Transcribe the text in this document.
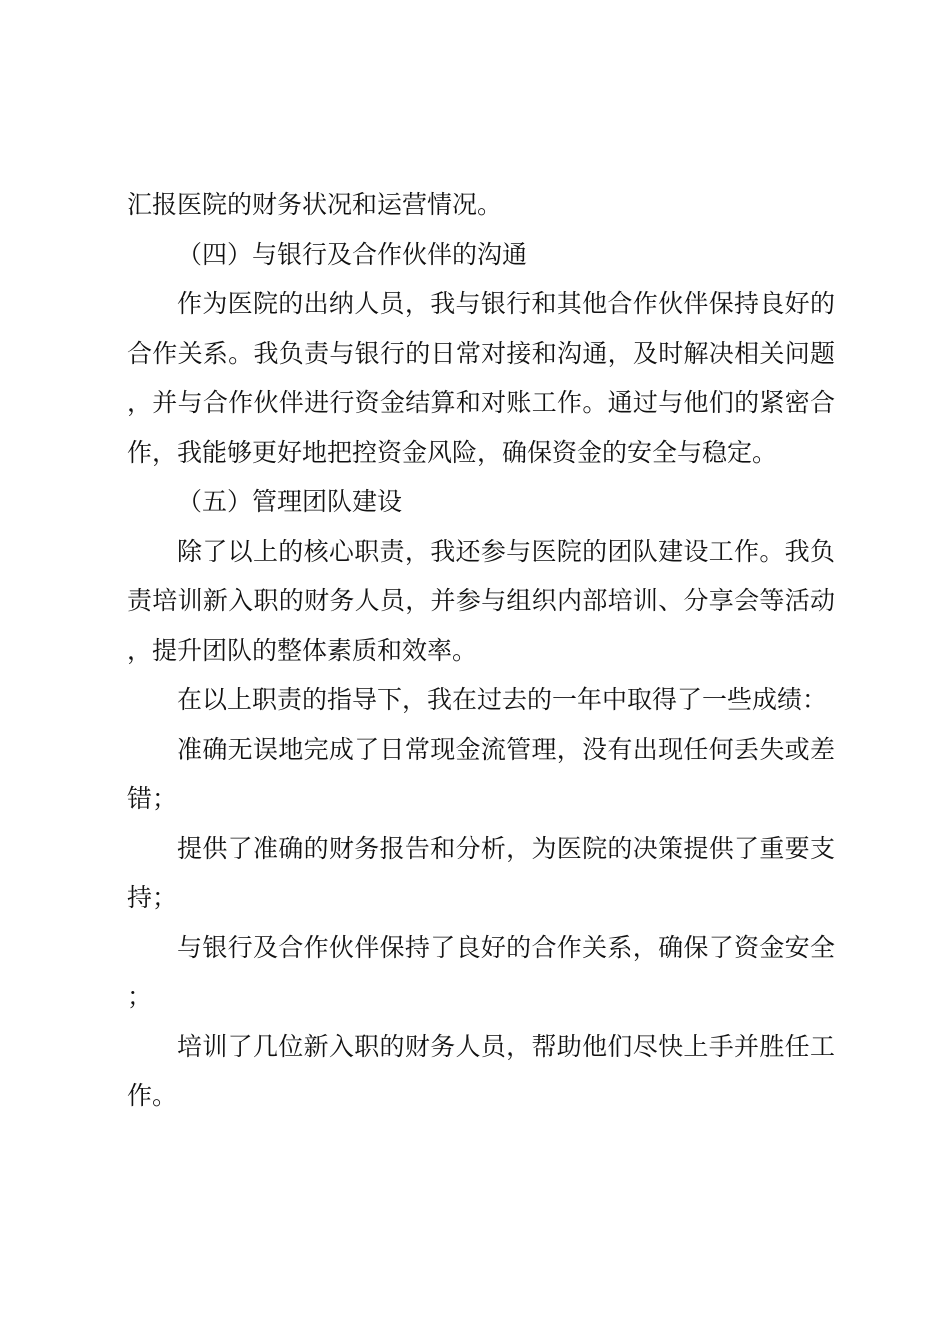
汇报医院的财务状况和运营情况。

（四）与银行及合作伙伴的沟通

作为医院的出纳人员，我与银行和其他合作伙伴保持良好的合作关系。我负责与银行的日常对接和沟通，及时解决相关问题，并与合作伙伴进行资金结算和对账工作。通过与他们的紧密合作，我能够更好地把控资金风险，确保资金的安全与稳定。

（五）管理团队建设

除了以上的核心职责，我还参与医院的团队建设工作。我负责培训新入职的财务人员，并参与组织内部培训、分享会等活动，提升团队的整体素质和效率。

在以上职责的指导下，我在过去的一年中取得了一些成绩：

准确无误地完成了日常现金流管理，没有出现任何丢失或差错；

提供了准确的财务报告和分析，为医院的决策提供了重要支持；

与银行及合作伙伴保持了良好的合作关系，确保了资金安全；

培训了几位新入职的财务人员，帮助他们尽快上手并胜任工作。
